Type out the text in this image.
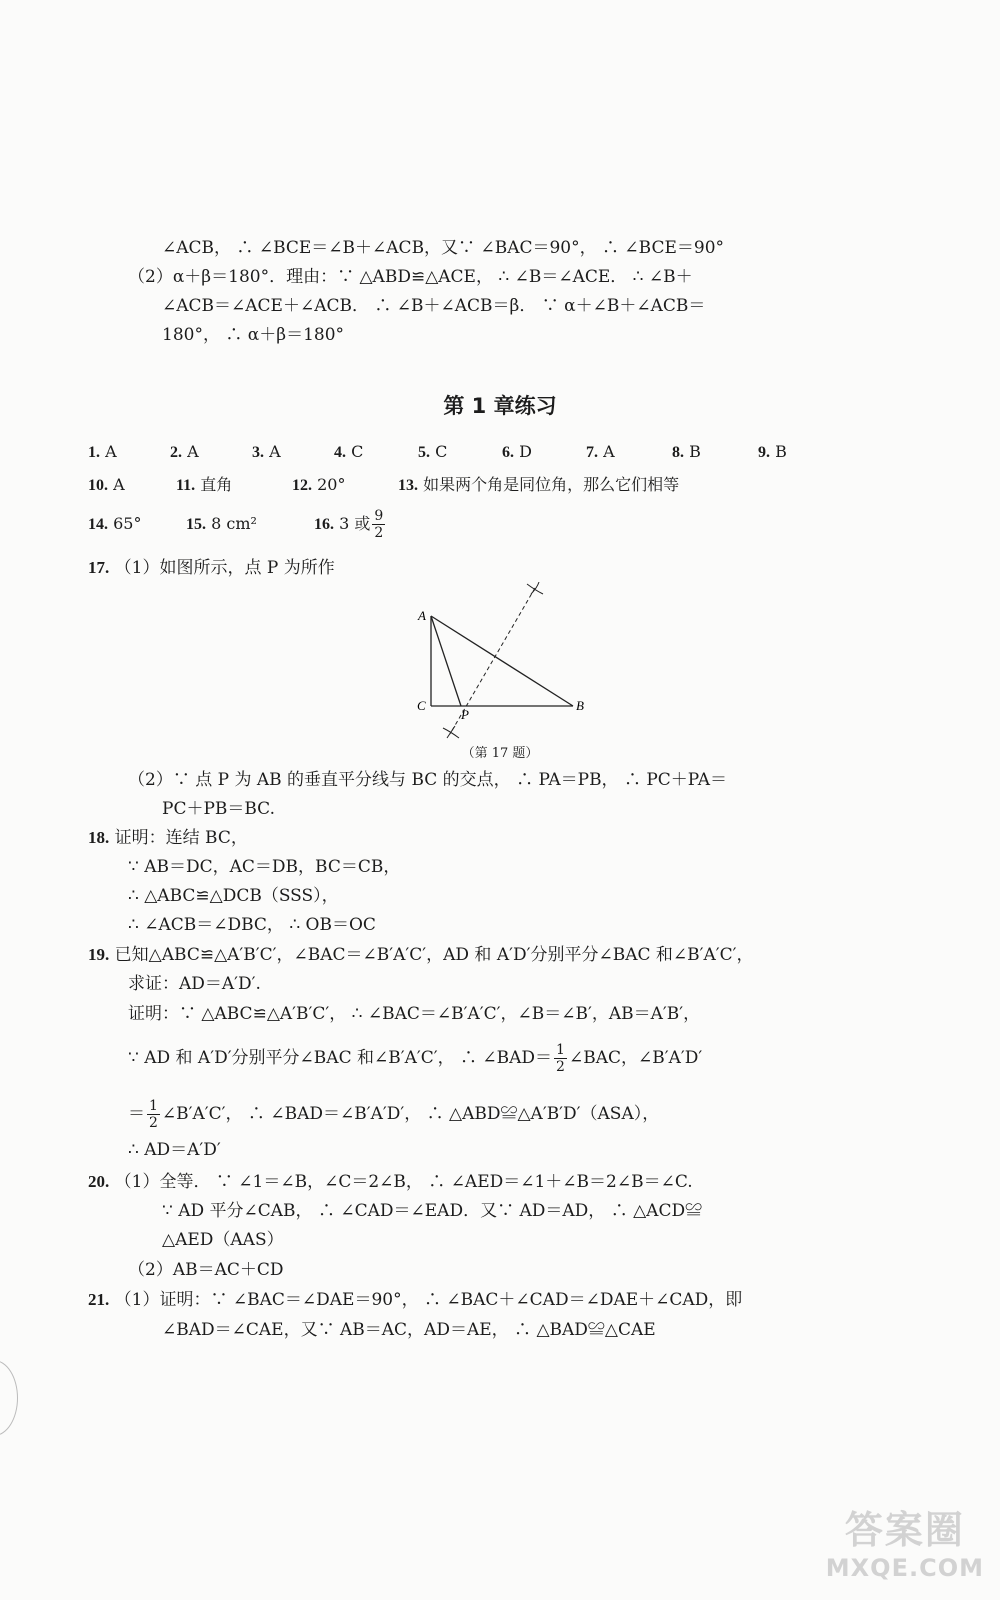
∠ACB， ∴ ∠BCE＝∠B＋∠ACB，又∵ ∠BAC＝90°， ∴ ∠BCE＝90°
（2）α＋β＝180°．理由：∵ △ABD≌△ACE， ∴ ∠B＝∠ACE． ∴ ∠B＋
∠ACB＝∠ACE＋∠ACB． ∴ ∠B＋∠ACB＝β． ∵ α＋∠B＋∠ACB＝
180°， ∴ α＋β＝180°
第 1 章练习
1. A	2. A	3. A	4. C	5. C	6. D	7. A	8. B	9. B
10. A	11. 直角	12. 20°	13. 如果两个角是同位角，那么它们相等
14. 65°	15. 8 cm²	16. 3 或 $\frac{9}{2}$
17. （1）如图所示，点 P 为所作
A
C	B
P
（第 17 题）
（2）∵ 点 P 为 AB 的垂直平分线与 BC 的交点， ∴ PA＝PB， ∴ PC＋PA＝
PC＋PB＝BC.
18. 证明：连结 BC，
∵ AB＝DC，AC＝DB，BC＝CB，
∴ △ABC≌△DCB（SSS），
∴ ∠ACB＝∠DBC， ∴ OB＝OC
19. 已知△ABC≌△A′B′C′，∠BAC＝∠B′A′C′，AD 和 A′D′分别平分∠BAC 和∠B′A′C′，
求证：AD＝A′D′.
证明：∵ △ABC≌△A′B′C′， ∴ ∠BAC＝∠B′A′C′，∠B＝∠B′，AB＝A′B′，
∵ AD 和 A′D′分别平分∠BAC 和∠B′A′C′， ∴ ∠BAD＝ $\frac{1}{2}$ ∠BAC，∠B′A′D′
＝ $\frac{1}{2}$ ∠B′A′C′， ∴ ∠BAD＝∠B′A′D′， ∴ △ABD≌△A′B′D′（ASA），
∴ AD＝A′D′
20. （1）全等． ∵ ∠1＝∠B，∠C＝2∠B， ∴ ∠AED＝∠1＋∠B＝2∠B＝∠C.
∵ AD 平分∠CAB， ∴ ∠CAD＝∠EAD．又∵ AD＝AD， ∴ △ACD≌
△AED（AAS）
（2）AB＝AC＋CD
21. （1）证明：∵ ∠BAC＝∠DAE＝90°， ∴ ∠BAC＋∠CAD＝∠DAE＋∠CAD，即
∠BAD＝∠CAE，又∵ AB＝AC，AD＝AE， ∴ △BAD≌△CAE
答案圈
MXQE.COM
